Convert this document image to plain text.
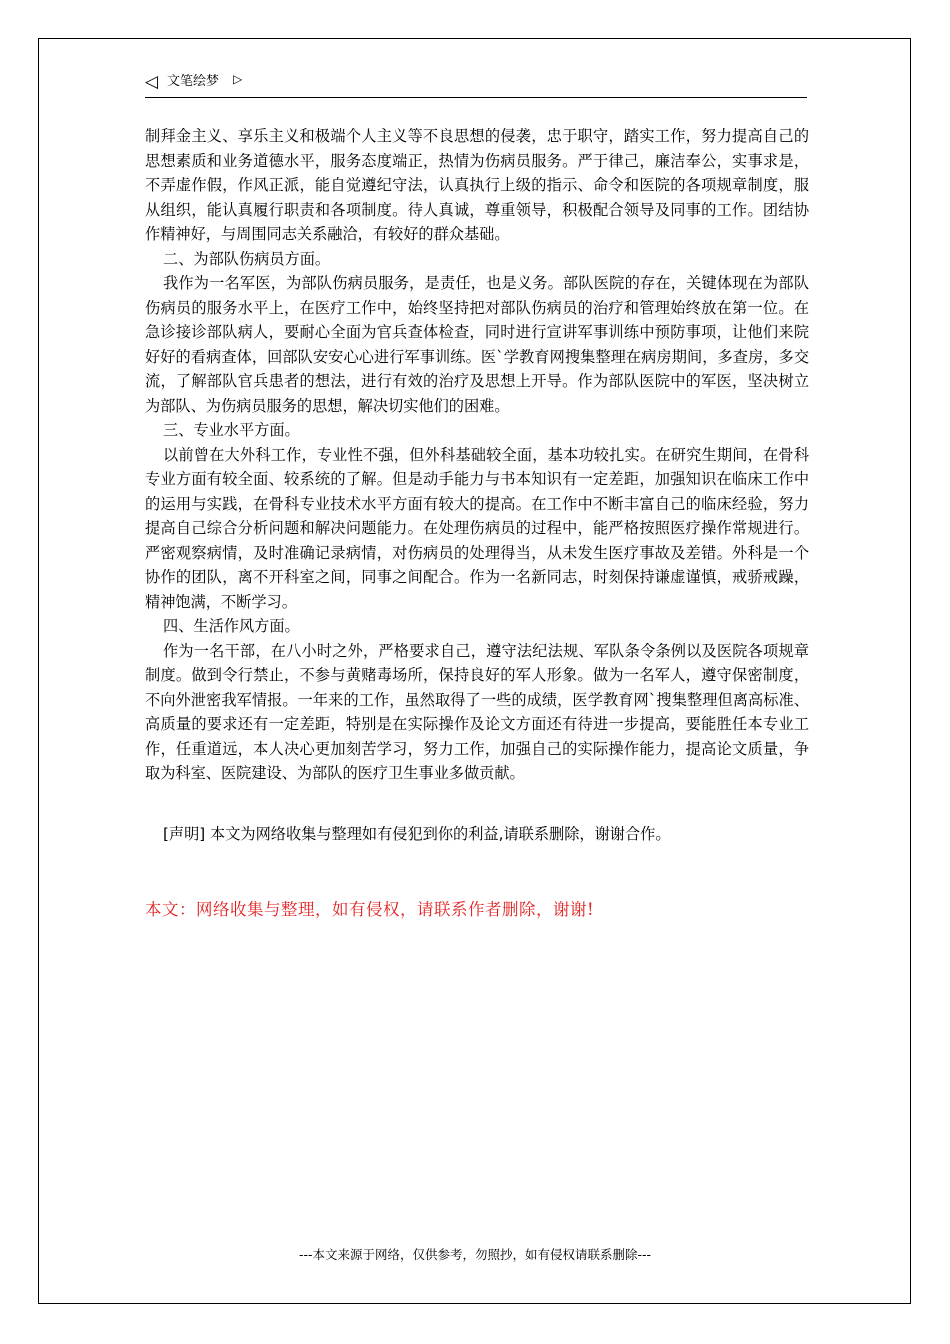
◁ 文笔绘梦 ▷

制拜金主义、享乐主义和极端个人主义等不良思想的侵袭，忠于职守，踏实工作，努力提高自己的思想素质和业务道德水平，服务态度端正，热情为伤病员服务。严于律己，廉洁奉公，实事求是，不弄虚作假，作风正派，能自觉遵纪守法，认真执行上级的指示、命令和医院的各项规章制度，服从组织，能认真履行职责和各项制度。待人真诚，尊重领导，积极配合领导及同事的工作。团结协作精神好，与周围同志关系融洽，有较好的群众基础。

二、为部队伤病员方面。

我作为一名军医，为部队伤病员服务，是责任，也是义务。部队医院的存在，关键体现在为部队伤病员的服务水平上，在医疗工作中，始终坚持把对部队伤病员的治疗和管理始终放在第一位。在急诊接诊部队病人，要耐心全面为官兵查体检查，同时进行宣讲军事训练中预防事项，让他们来院好好的看病查体，回部队安安心心进行军事训练。医`学教育网搜集整理在病房期间，多查房，多交流，了解部队官兵患者的想法，进行有效的治疗及思想上开导。作为部队医院中的军医，坚决树立为部队、为伤病员服务的思想，解决切实他们的困难。

三、专业水平方面。

以前曾在大外科工作，专业性不强，但外科基础较全面，基本功较扎实。在研究生期间，在骨科专业方面有较全面、较系统的了解。但是动手能力与书本知识有一定差距，加强知识在临床工作中的运用与实践，在骨科专业技术水平方面有较大的提高。在工作中不断丰富自己的临床经验，努力提高自己综合分析问题和解决问题能力。在处理伤病员的过程中，能严格按照医疗操作常规进行。严密观察病情，及时准确记录病情，对伤病员的处理得当，从未发生医疗事故及差错。外科是一个协作的团队，离不开科室之间，同事之间配合。作为一名新同志，时刻保持谦虚谨慎，戒骄戒躁，精神饱满，不断学习。

四、生活作风方面。

作为一名干部，在八小时之外，严格要求自己，遵守法纪法规、军队条令条例以及医院各项规章制度。做到令行禁止，不参与黄赌毒场所，保持良好的军人形象。做为一名军人，遵守保密制度，不向外泄密我军情报。一年来的工作，虽然取得了一些的成绩，医学教育网`搜集整理但离高标准、高质量的要求还有一定差距，特别是在实际操作及论文方面还有待进一步提高，要能胜任本专业工作，任重道远，本人决心更加刻苦学习，努力工作，加强自己的实际操作能力，提高论文质量，争取为科室、医院建设、为部队的医疗卫生事业多做贡献。

[声明] 本文为网络收集与整理如有侵犯到你的利益,请联系删除，谢谢合作。
本文：网络收集与整理，如有侵权，请联系作者删除，谢谢!
---本文来源于网络，仅供参考，勿照抄，如有侵权请联系删除---
